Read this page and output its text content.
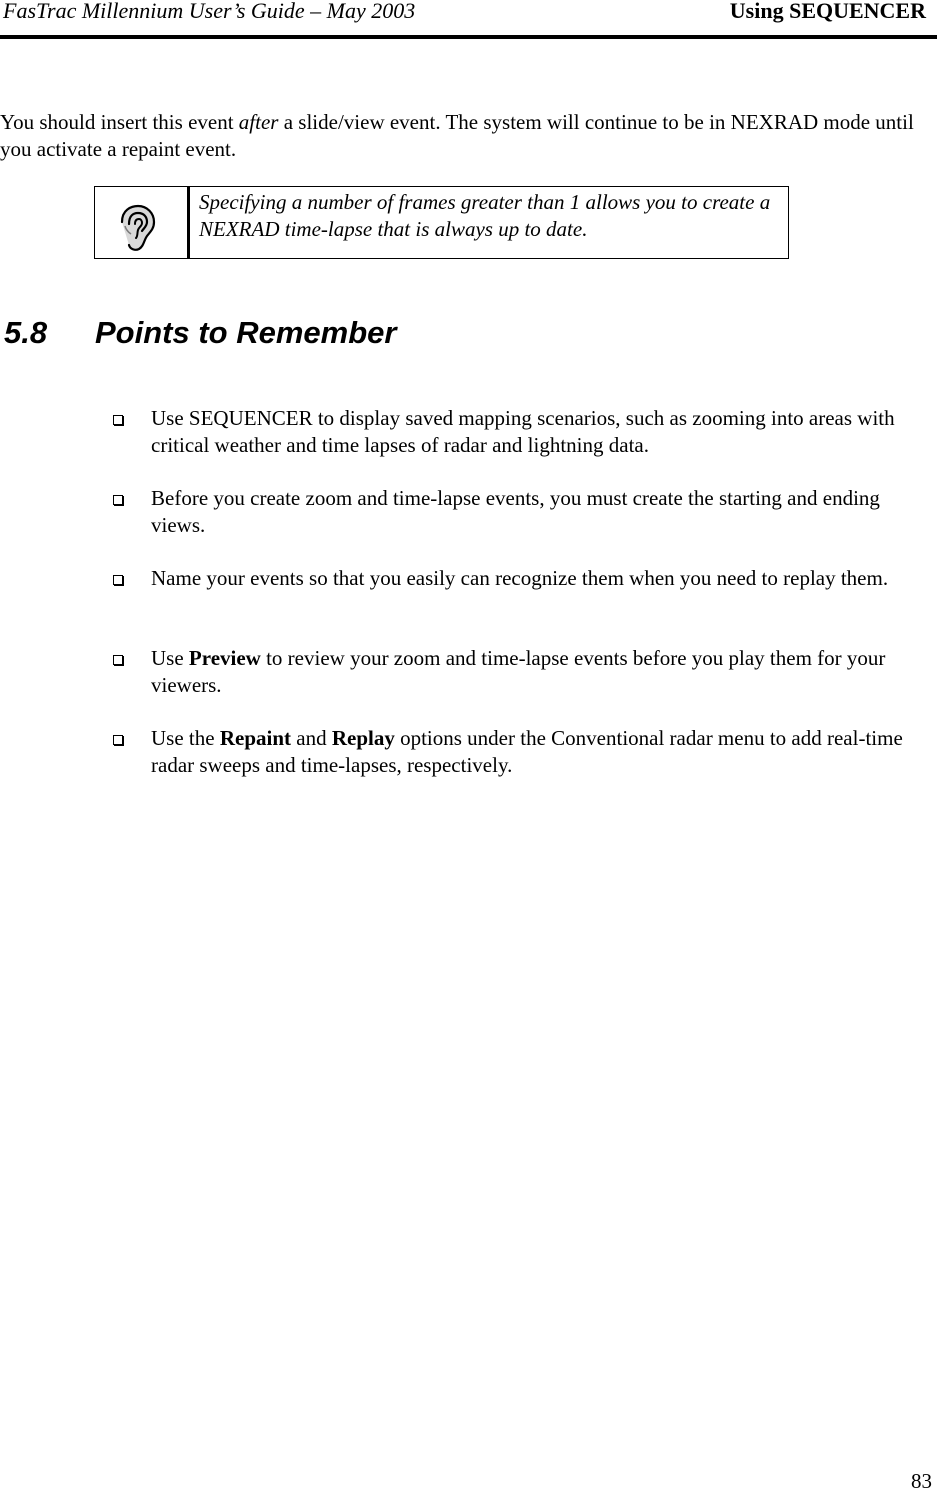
FasTrac Millennium User’s Guide – May 2003	Using SEQUENCER

You should insert this event after a slide/view event. The system will continue to be in NEXRAD mode until you activate a repaint event.

Specifying a number of frames greater than 1 allows you to create a NEXRAD time-lapse that is always up to date.
5.8 Points to Remember
Use SEQUENCER to display saved mapping scenarios, such as zooming into areas with critical weather and time lapses of radar and lightning data.
Before you create zoom and time-lapse events, you must create the starting and ending views.
Name your events so that you easily can recognize them when you need to replay them.
Use Preview to review your zoom and time-lapse events before you play them for your viewers.
Use the Repaint and Replay options under the Conventional radar menu to add real-time radar sweeps and time-lapses, respectively.
83
